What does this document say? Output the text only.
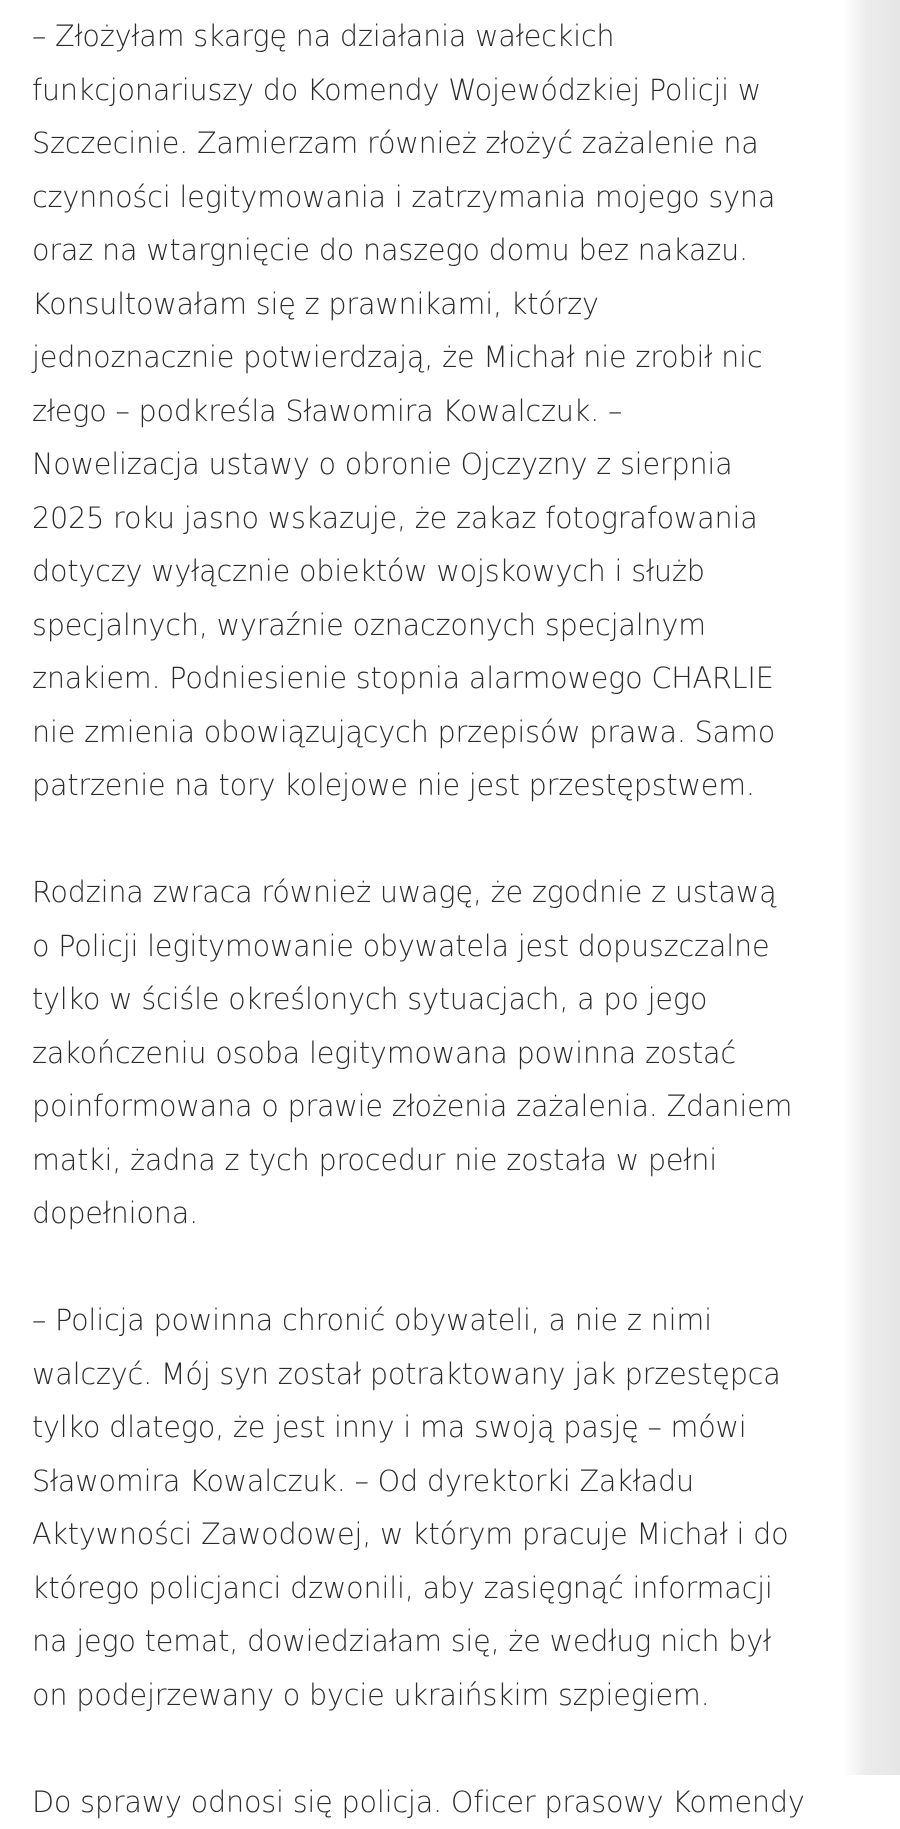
– Złożyłam skargę na działania wałeckich
funkcjonariuszy do Komendy Wojewódzkiej Policji w
Szczecinie. Zamierzam również złożyć zażalenie na
czynności legitymowania i zatrzymania mojego syna
oraz na wtargnięcie do naszego domu bez nakazu.
Konsultowałam się z prawnikami, którzy
jednoznacznie potwierdzają, że Michał nie zrobił nic
złego – podkreśla Sławomira Kowalczuk. –
Nowelizacja ustawy o obronie Ojczyzny z sierpnia
2025 roku jasno wskazuje, że zakaz fotografowania
dotyczy wyłącznie obiektów wojskowych i służb
specjalnych, wyraźnie oznaczonych specjalnym
znakiem. Podniesienie stopnia alarmowego CHARLIE
nie zmienia obowiązujących przepisów prawa. Samo
patrzenie na tory kolejowe nie jest przestępstwem.
Rodzina zwraca również uwagę, że zgodnie z ustawą
o Policji legitymowanie obywatela jest dopuszczalne
tylko w ściśle określonych sytuacjach, a po jego
zakończeniu osoba legitymowana powinna zostać
poinformowana o prawie złożenia zażalenia. Zdaniem
matki, żadna z tych procedur nie została w pełni
dopełniona.
– Policja powinna chronić obywateli, a nie z nimi
walczyć. Mój syn został potraktowany jak przestępca
tylko dlatego, że jest inny i ma swoją pasję – mówi
Sławomira Kowalczuk. – Od dyrektorki Zakładu
Aktywności Zawodowej, w którym pracuje Michał i do
którego policjanci dzwonili, aby zasięgnąć informacji
na jego temat, dowiedziałam się, że według nich był
on podejrzewany o bycie ukraińskim szpiegiem.
Do sprawy odnosi się policja. Oficer prasowy Komendy
